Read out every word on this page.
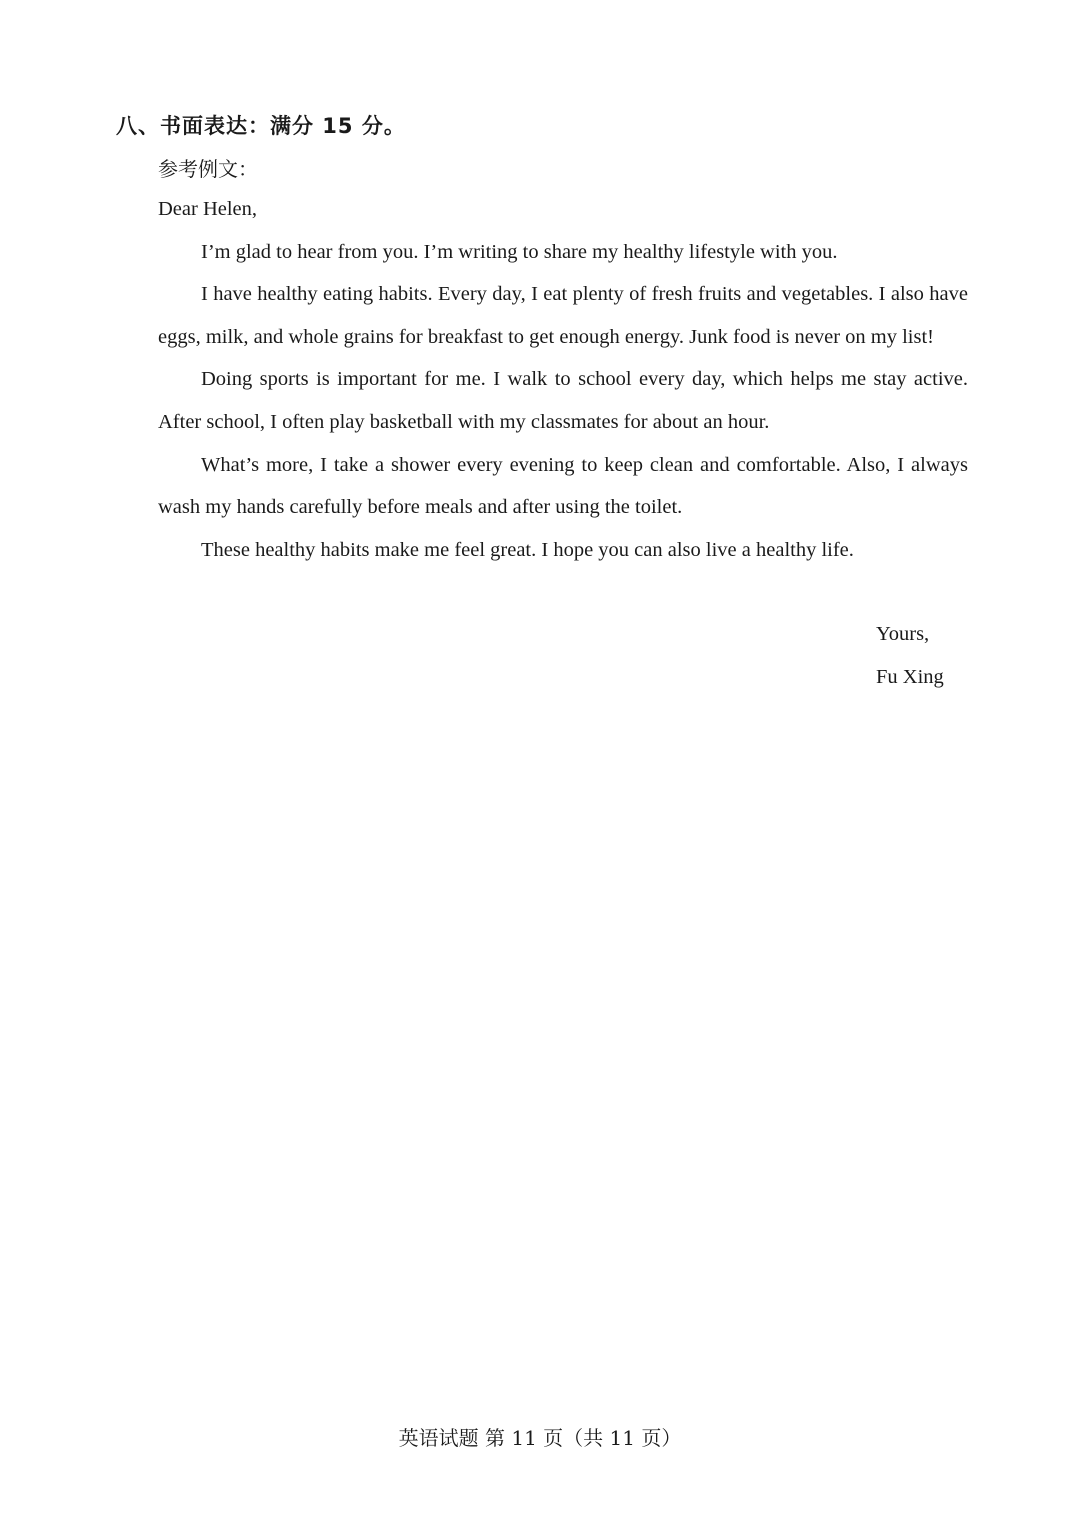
八、书面表达：满分 15 分。
参考例文：

Dear Helen,

I’m glad to hear from you. I’m writing to share my healthy lifestyle with you.

I have healthy eating habits. Every day, I eat plenty of fresh fruits and vegetables. I also have eggs, milk, and whole grains for breakfast to get enough energy. Junk food is never on my list!

Doing sports is important for me. I walk to school every day, which helps me stay active. After school, I often play basketball with my classmates for about an hour.

What’s more, I take a shower every evening to keep clean and comfortable. Also, I always wash my hands carefully before meals and after using the toilet.

These healthy habits make me feel great. I hope you can also live a healthy life.

Yours,
Fu Xing
英语试题 第 11 页（共 11 页）
